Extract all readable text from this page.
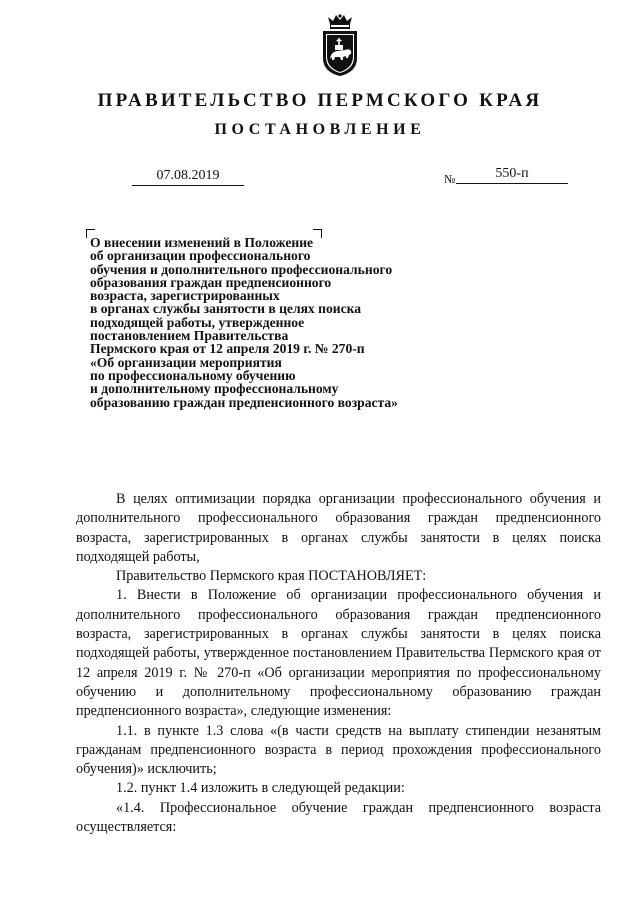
ПРАВИТЕЛЬСТВО ПЕРМСКОГО КРАЯ
ПОСТАНОВЛЕНИЕ
07.08.2019	№	550-п
О внесении изменений в Положение
об организации профессионального
обучения и дополнительного профессионального
образования граждан предпенсионного
возраста, зарегистрированных
в органах службы занятости в целях поиска
подходящей работы, утвержденное
постановлением Правительства
Пермского края от 12 апреля 2019 г. № 270-п
«Об организации мероприятия
по профессиональному обучению
и дополнительному профессиональному
образованию граждан предпенсионного возраста»

В целях оптимизации порядка организации профессионального обучения и дополнительного профессионального образования граждан предпенсионного возраста, зарегистрированных в органах службы занятости в целях поиска подходящей работы,

Правительство Пермского края ПОСТАНОВЛЯЕТ:

1. Внести в Положение об организации профессионального обучения и дополнительного профессионального образования граждан предпенсионного возраста, зарегистрированных в органах службы занятости в целях поиска подходящей работы, утвержденное постановлением Правительства Пермского края от 12 апреля 2019 г. № 270-п «Об организации мероприятия по профессиональному обучению и дополнительному профессиональному образованию граждан предпенсионного возраста», следующие изменения:

1.1. в пункте 1.3 слова «(в части средств на выплату стипендии незанятым гражданам предпенсионного возраста в период прохождения профессионального обучения)» исключить;

1.2. пункт 1.4 изложить в следующей редакции:

«1.4. Профессиональное обучение граждан предпенсионного возраста осуществляется:
